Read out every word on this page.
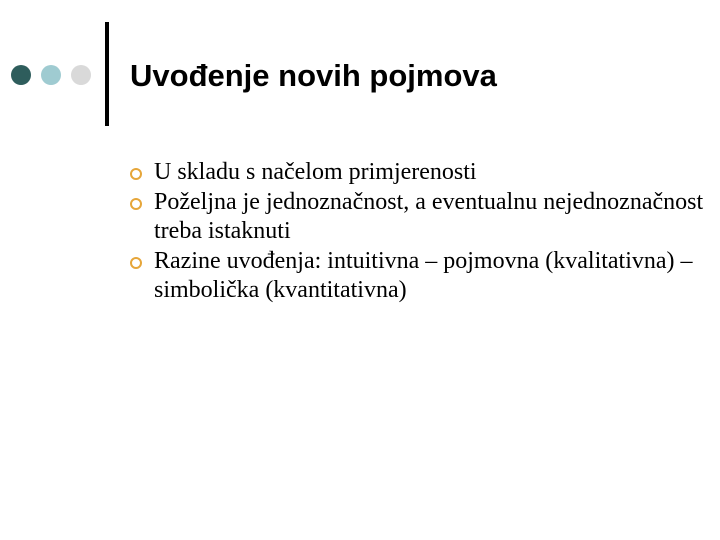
Uvođenje novih pojmova
U skladu s načelom primjerenosti
Poželjna je jednoznačnost, a eventualnu nejednoznačnost treba istaknuti
Razine uvođenja: intuitivna – pojmovna (kvalitativna) – simbolička (kvantitativna)
